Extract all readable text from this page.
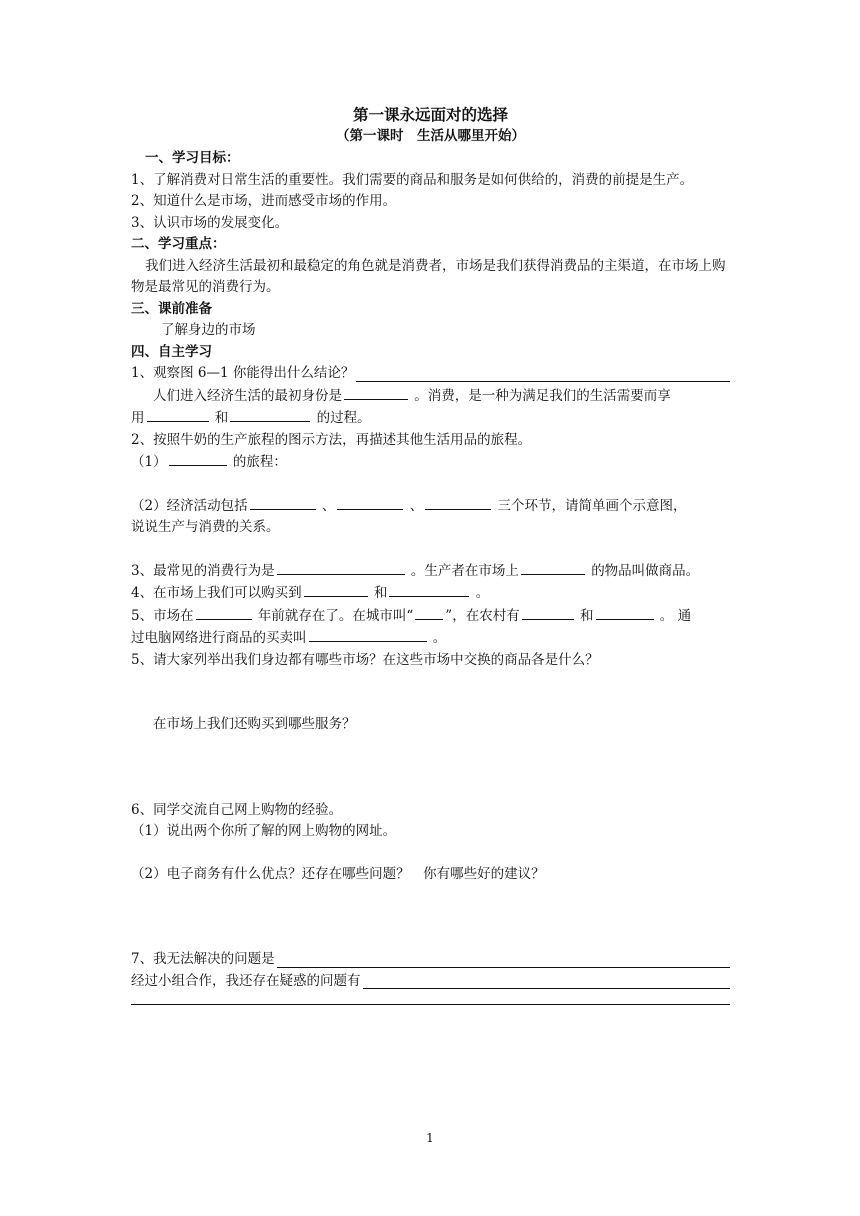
第一课永远面对的选择
（第一课时　生活从哪里开始）
一、学习目标：
1、了解消费对日常生活的重要性。我们需要的商品和服务是如何供给的，消费的前提是生产。
2、知道什么是市场，进而感受市场的作用。
3、认识市场的发展变化。
二、学习重点：
我们进入经济生活最初和最稳定的角色就是消费者，市场是我们获得消费品的主渠道，在市场上购物是最常见的消费行为。
三、课前准备
了解身边的市场
四、自主学习
1、观察图 6—1 你能得出什么结论？
人们进入经济生活的最初身份是	。消费，是一种为满足我们的生活需要而享
用	和	的过程。
2、按照牛奶的生产旅程的图示方法，再描述其他生活用品的旅程。
（1）	的旅程：
（2）经济活动包括	、	、	三个环节，请简单画个示意图，
说说生产与消费的关系。
3、最常见的消费行为是	。生产者在市场上	的物品叫做商品。
4、在市场上我们可以购买到	和	。
5、市场在	年前就存在了。在城市叫“ ”，在农村有	和	。 通
过电脑网络进行商品的买卖叫	。
5、请大家列举出我们身边都有哪些市场？在这些市场中交换的商品各是什么？
在市场上我们还购买到哪些服务？
6、同学交流自己网上购物的经验。
（1）说出两个你所了解的网上购物的网址。
（2）电子商务有什么优点？还存在哪些问题？　你有哪些好的建议？
7、我无法解决的问题是
经过小组合作，我还存在疑惑的问题有
1
